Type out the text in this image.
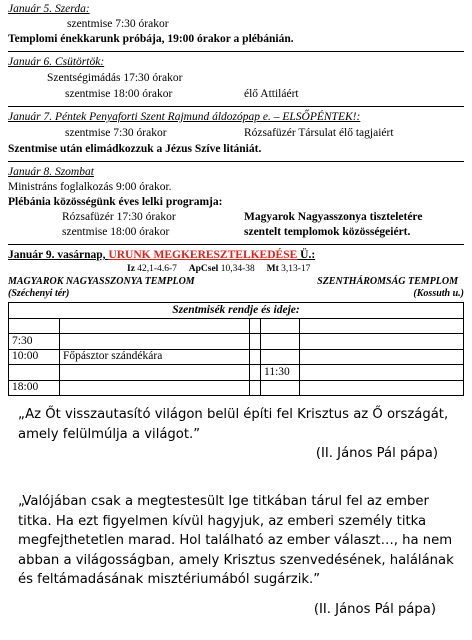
Január 5. Szerda:
szentmise 7:30 órakor
Templomi énekkarunk próbája, 19:00 órakor a plébánián.
Január 6. Csütörtök:
Szentségimádás 17:30 órakor
szentmise 18:00 órakor	élő Attiláért
Január 7. Péntek Penyaforti Szent Rajmund áldozópap e. – ELSŐPÉNTEK!:
szentmise 7:30 órakor	Rózsafüzér Társulat élő tagjaiért
Szentmise után elimádkozzuk a Jézus Szíve litániát.
Január 8. Szombat
Ministráns foglalkozás 9:00 órakor.
Plébánia közösségünk éves lelki programja:
Rózsafüzér 17:30 órakor	Magyarok Nagyasszonya tiszteletére
szentmise 18:00 órakor	szentelt templomok közösségeiért.
Január 9. vasárnap, URUNK MEGKERESZTELKEDÉSE Ü.:
Iz 42,1-4.6-7 ApCsel 10,34-38 Mt 3,13-17
MAGYAROK NAGYASSZONYA TEMPLOM	SZENTHÁROMSÁG TEMPLOM
(Széchenyi tér)	(Kossuth u.)
Szentmisék rendje és ideje:				

7:30				
10:00	Főpásztor szándékára			
			11:30	
18:00				
„Az Őt visszautasító világon belül építi fel Krisztus az Ő országát, amely felülmúlja a világot.”
(II. János Pál pápa)
„Valójában csak a megtestesült Ige titkában tárul fel az ember titka. Ha ezt figyelmen kívül hagyjuk, az emberi személy titka megfejthetetlen marad. Hol található az ember választ…, ha nem abban a világosságban, amely Krisztus szenvedésének, halálának és feltámadásának misztériumából sugárzik.”
(II. János Pál pápa)
